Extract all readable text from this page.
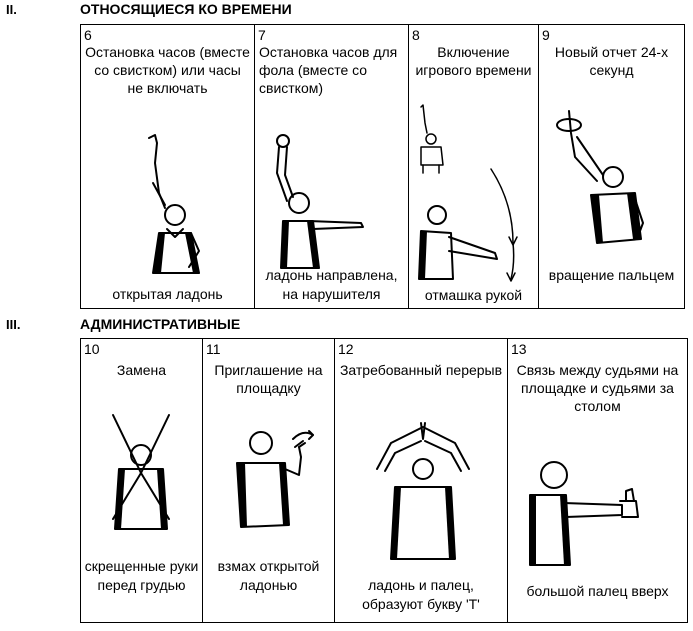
II.	ОТНОСЯЩИЕСЯ КО ВРЕМЕНИ
6
Остановка часов (вместе со свистком) или часы не включать
открытая ладонь
7
Остановка часов для фола (вместе со свистком)
ладонь направлена, на нарушителя
8
Включение игрового времени
отмашка рукой
9
Новый отчет 24-х секунд
вращение пальцем
III.	АДМИНИСТРАТИВНЫЕ
10
Замена
скрещенные руки перед грудью
11
Приглашение на площадку
взмах открытой ладонью
12
Затребованный перерыв
ладонь и палец, образуют букву 'Т'
13
Связь между судьями на площадке и судьями за столом
большой палец вверх
